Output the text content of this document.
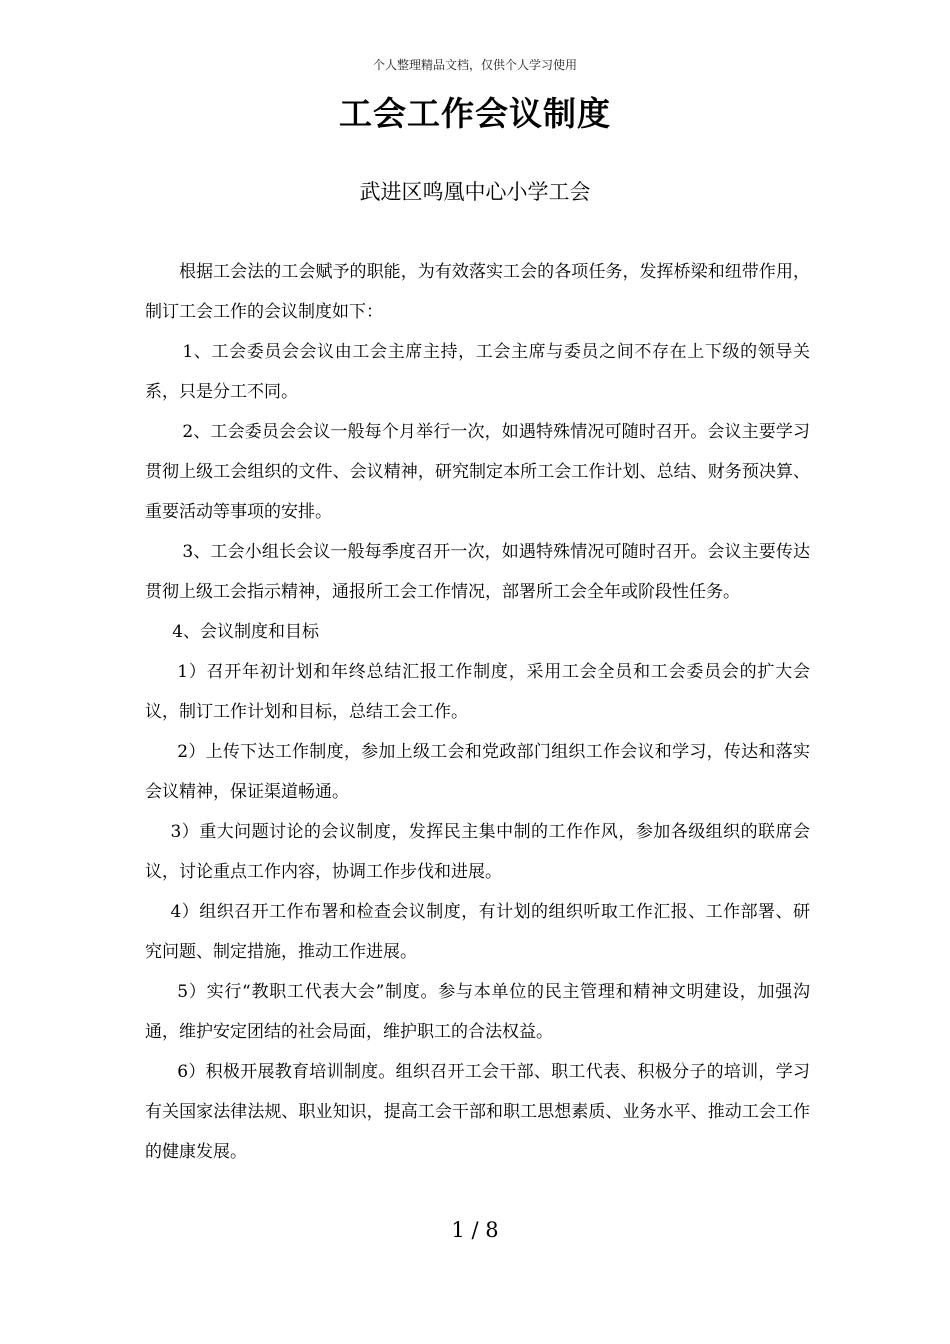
个人整理精品文档，仅供个人学习使用
工会工作会议制度
武进区鸣凰中心小学工会

根据工会法的工会赋予的职能，为有效落实工会的各项任务，发挥桥梁和纽带作用，制订工会工作的会议制度如下：

1、工会委员会会议由工会主席主持，工会主席与委员之间不存在上下级的领导关系，只是分工不同。

2、工会委员会会议一般每个月举行一次，如遇特殊情况可随时召开。会议主要学习贯彻上级工会组织的文件、会议精神，研究制定本所工会工作计划、总结、财务预决算、重要活动等事项的安排。

3、工会小组长会议一般每季度召开一次，如遇特殊情况可随时召开。会议主要传达贯彻上级工会指示精神，通报所工会工作情况，部署所工会全年或阶段性任务。

4、会议制度和目标

1）召开年初计划和年终总结汇报工作制度，采用工会全员和工会委员会的扩大会议，制订工作计划和目标，总结工会工作。

2）上传下达工作制度，参加上级工会和党政部门组织工作会议和学习，传达和落实会议精神，保证渠道畅通。

3）重大问题讨论的会议制度，发挥民主集中制的工作作风，参加各级组织的联席会议，讨论重点工作内容，协调工作步伐和进展。

4）组织召开工作布署和检查会议制度，有计划的组织听取工作汇报、工作部署、研究问题、制定措施，推动工作进展。

5）实行“教职工代表大会”制度。参与本单位的民主管理和精神文明建设，加强沟通，维护安定团结的社会局面，维护职工的合法权益。

6）积极开展教育培训制度。组织召开工会干部、职工代表、积极分子的培训，学习有关国家法律法规、职业知识，提高工会干部和职工思想素质、业务水平、推动工会工作的健康发展。

1 / 8
